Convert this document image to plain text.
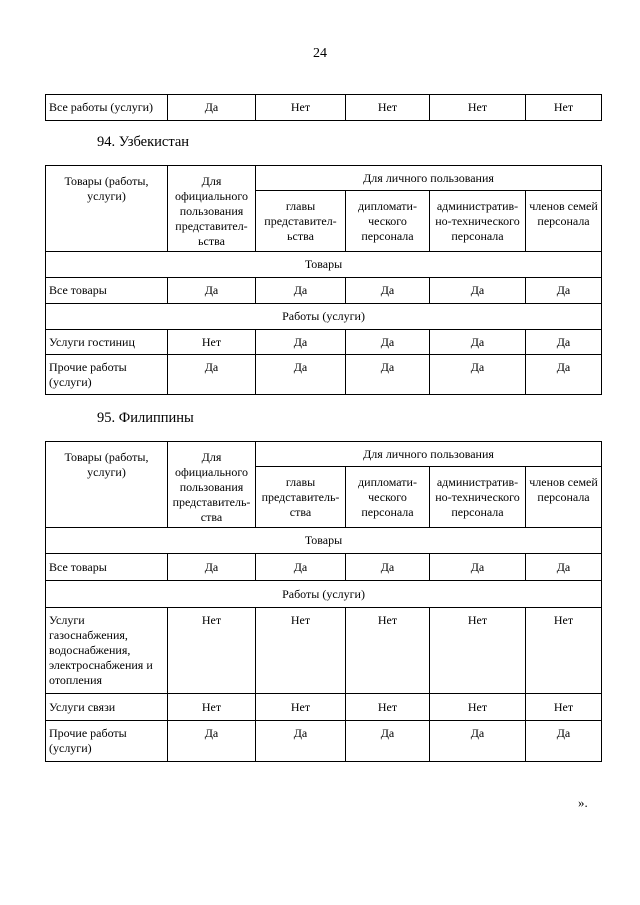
24
Все работы (услуги)	Да	Нет	Нет	Нет	Нет
94. Узбекистан
Товары (работы, услуги)	Для официального пользования представител-ьства	Для личного пользования			
		главы представител-ьства	дипломати-ческого персонала	административ-но-технического персонала	членов семей персонала
Товары					
Все товары	Да	Да	Да	Да	Да
Работы (услуги)					
Услуги гостиниц	Нет	Да	Да	Да	Да
Прочие работы (услуги)	Да	Да	Да	Да	Да
95. Филиппины
Товары (работы, услуги)	Для официального пользования представитель-ства	Для личного пользования			
		главы представитель-ства	дипломати-ческого персонала	административ-но-технического персонала	членов семей персонала
Товары					
Все товары	Да	Да	Да	Да	Да
Работы (услуги)					
Услуги газоснабжения, водоснабжения, электроснабжения и отопления	Нет	Нет	Нет	Нет	Нет
Услуги связи	Нет	Нет	Нет	Нет	Нет
Прочие работы (услуги)	Да	Да	Да	Да	Да
».
